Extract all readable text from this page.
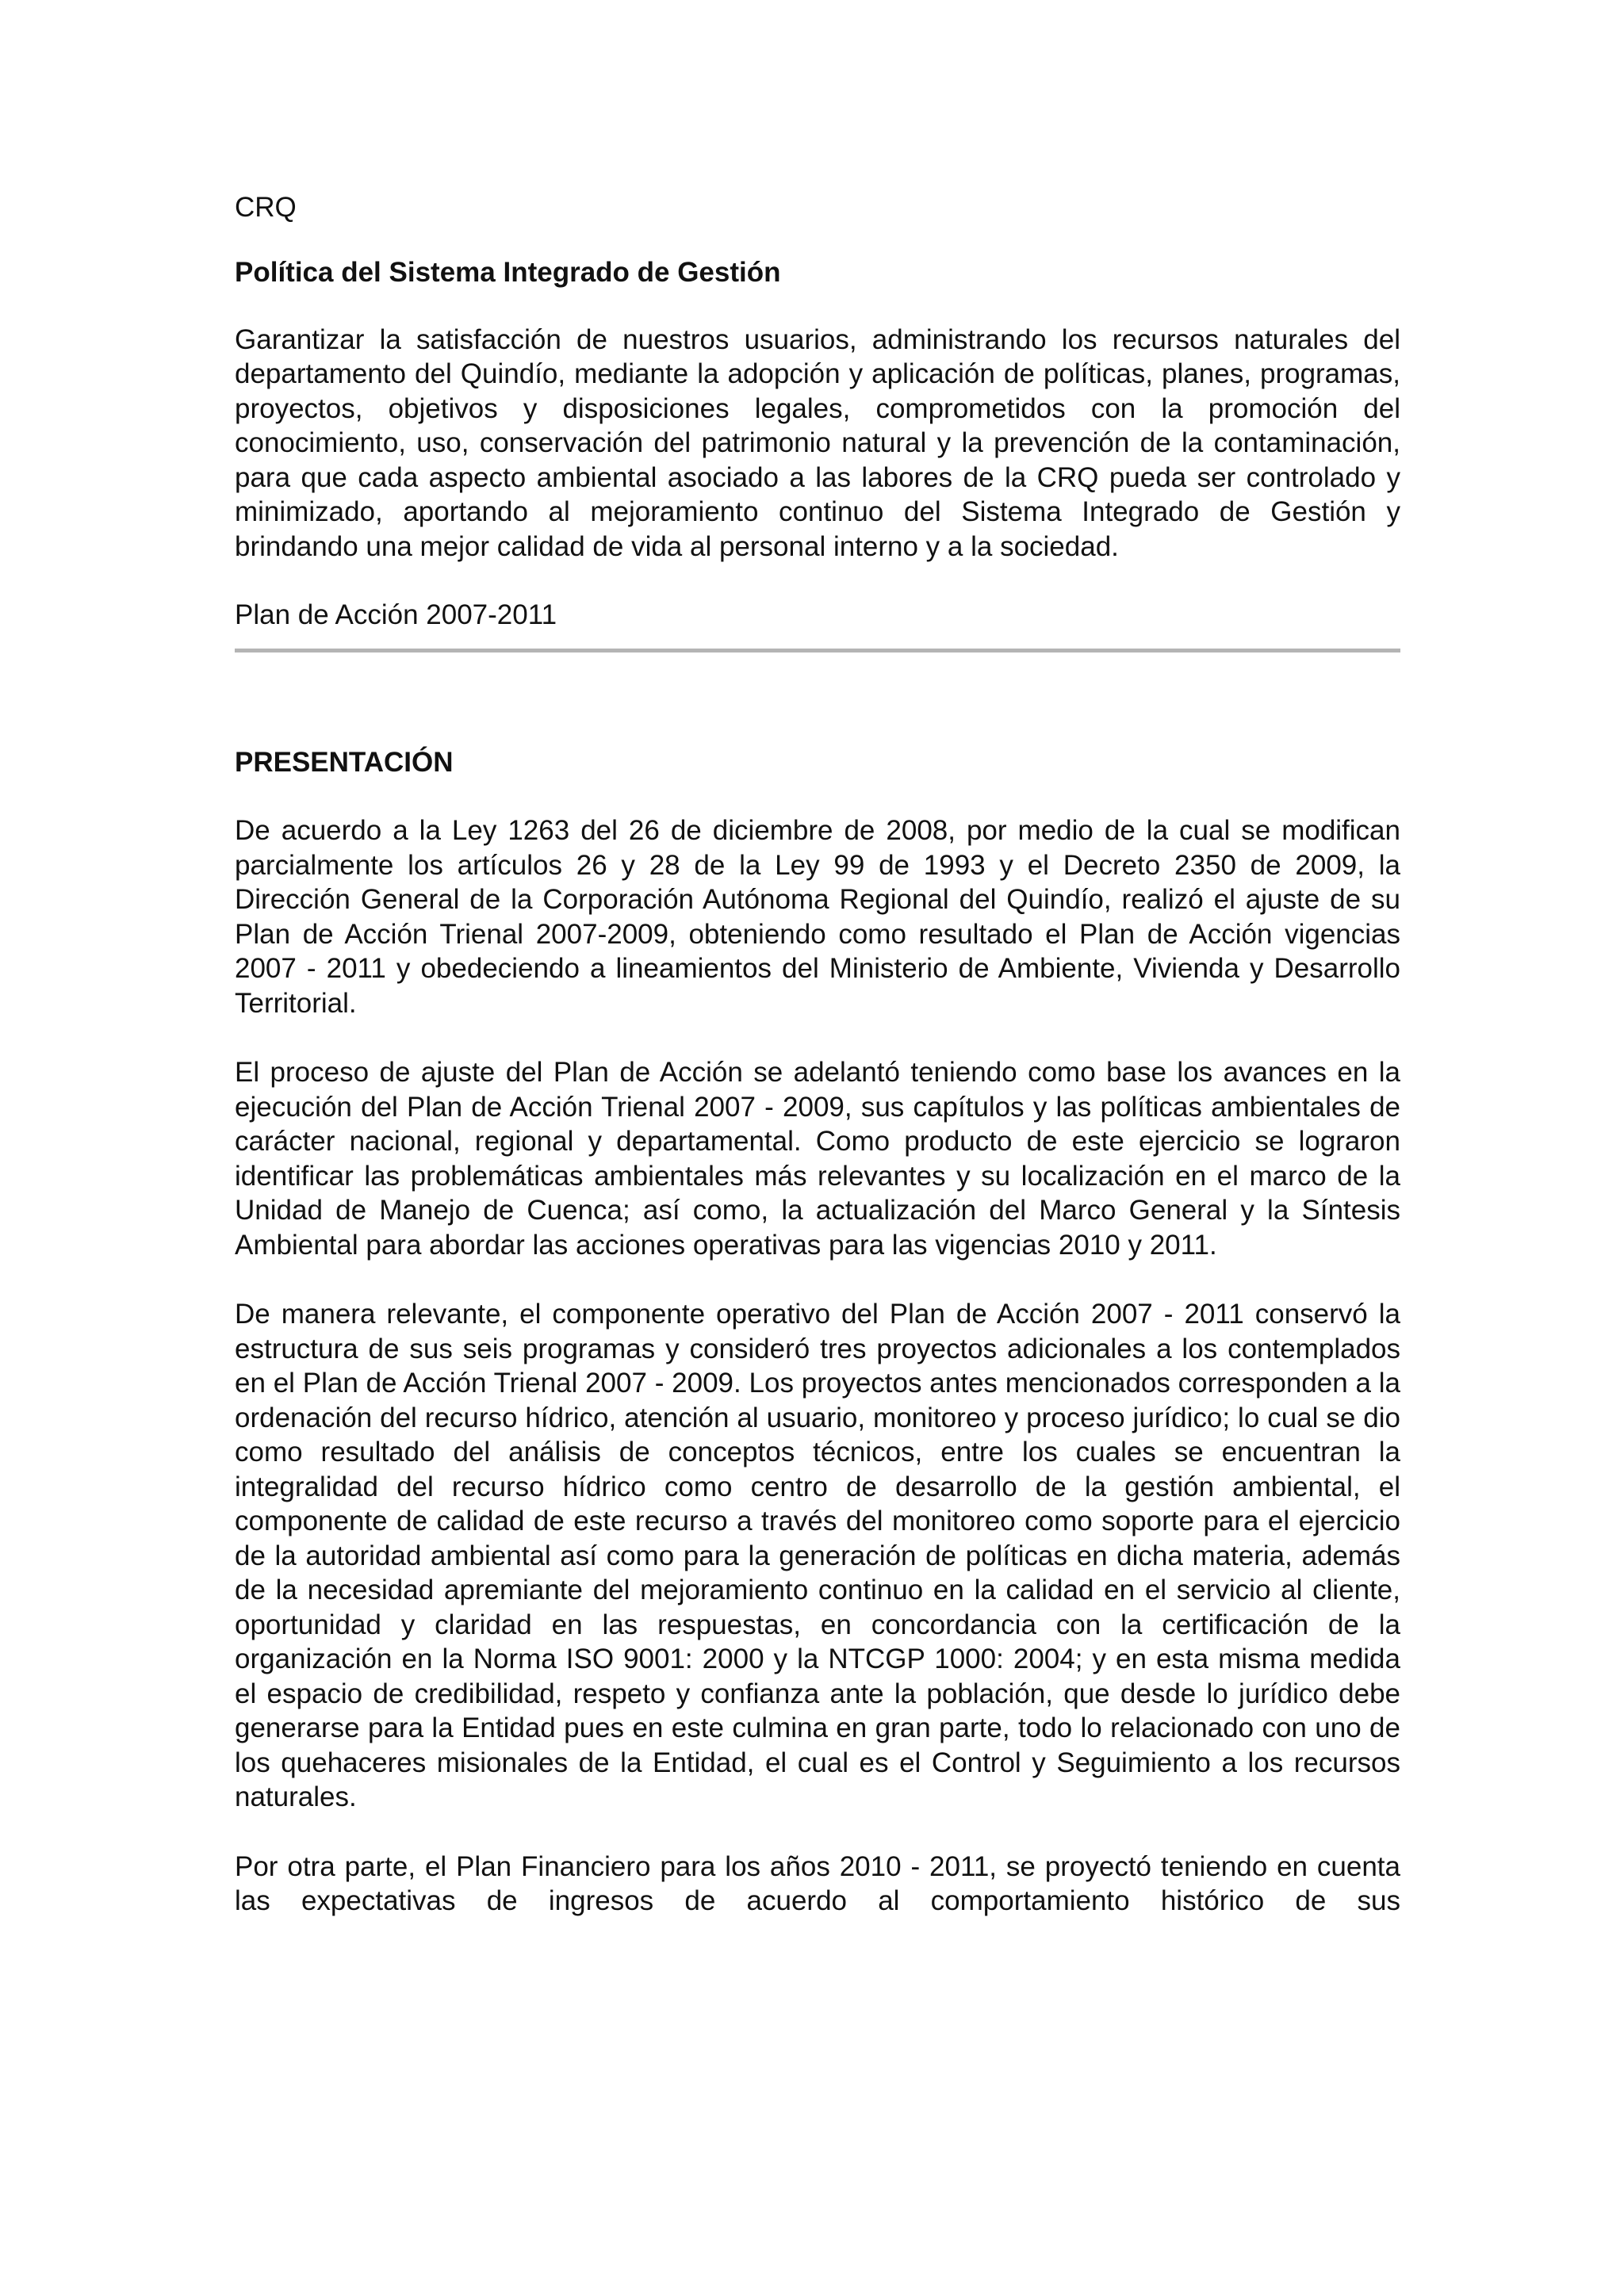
CRQ
Política del Sistema Integrado de Gestión

Garantizar la satisfacción de nuestros usuarios, administrando los recursos naturales del departamento del Quindío, mediante la adopción y aplicación de políticas, planes, programas, proyectos, objetivos y disposiciones legales, comprometidos con la promoción del conocimiento, uso, conservación del patrimonio natural y la prevención de la contaminación, para que cada aspecto ambiental asociado a las labores de la CRQ pueda ser controlado y minimizado, aportando al mejoramiento continuo del Sistema Integrado de Gestión y brindando una mejor calidad de vida al personal interno y a la sociedad.

Plan de Acción 2007-2011

PRESENTACIÓN

De acuerdo a la Ley 1263 del 26 de diciembre de 2008, por medio de la cual se modifican parcialmente los artículos 26 y 28 de la Ley 99 de 1993 y el Decreto 2350 de 2009, la Dirección General de la Corporación Autónoma Regional del Quindío, realizó el ajuste de su Plan de Acción Trienal 2007-2009, obteniendo como resultado el Plan de Acción vigencias 2007 - 2011 y obedeciendo a lineamientos del Ministerio de Ambiente, Vivienda y Desarrollo Territorial.

El proceso de ajuste del Plan de Acción se adelantó teniendo como base los avances en la ejecución del Plan de Acción Trienal 2007 - 2009, sus capítulos y las políticas ambientales de carácter nacional, regional y departamental. Como producto de este ejercicio se lograron identificar las problemáticas ambientales más relevantes y su localización en el marco de la Unidad de Manejo de Cuenca; así como, la actualización del Marco General y la Síntesis Ambiental para abordar las acciones operativas para las vigencias 2010 y 2011.

De manera relevante, el componente operativo del Plan de Acción 2007 - 2011 conservó la estructura de sus seis programas y consideró tres proyectos adicionales a los contemplados en el Plan de Acción Trienal 2007 - 2009. Los proyectos antes mencionados corresponden a la ordenación del recurso hídrico, atención al usuario, monitoreo y proceso jurídico; lo cual se dio como resultado del análisis de conceptos técnicos, entre los cuales se encuentran la integralidad del recurso hídrico como centro de desarrollo de la gestión ambiental, el componente de calidad de este recurso a través del monitoreo como soporte para el ejercicio de la autoridad ambiental así como para la generación de políticas en dicha materia, además de la necesidad apremiante del mejoramiento continuo en la calidad en el servicio al cliente, oportunidad y claridad en las respuestas, en concordancia con la certificación de la organización en la Norma ISO 9001: 2000 y la NTCGP 1000: 2004; y en esta misma medida el espacio de credibilidad, respeto y confianza ante la población, que desde lo jurídico debe generarse para la Entidad pues en este culmina en gran parte, todo lo relacionado con uno de los quehaceres misionales de la Entidad, el cual es el Control y Seguimiento a los recursos naturales.

Por otra parte, el Plan Financiero para los años 2010 - 2011, se proyectó teniendo en cuenta las expectativas de ingresos de acuerdo al comportamiento histórico de sus
